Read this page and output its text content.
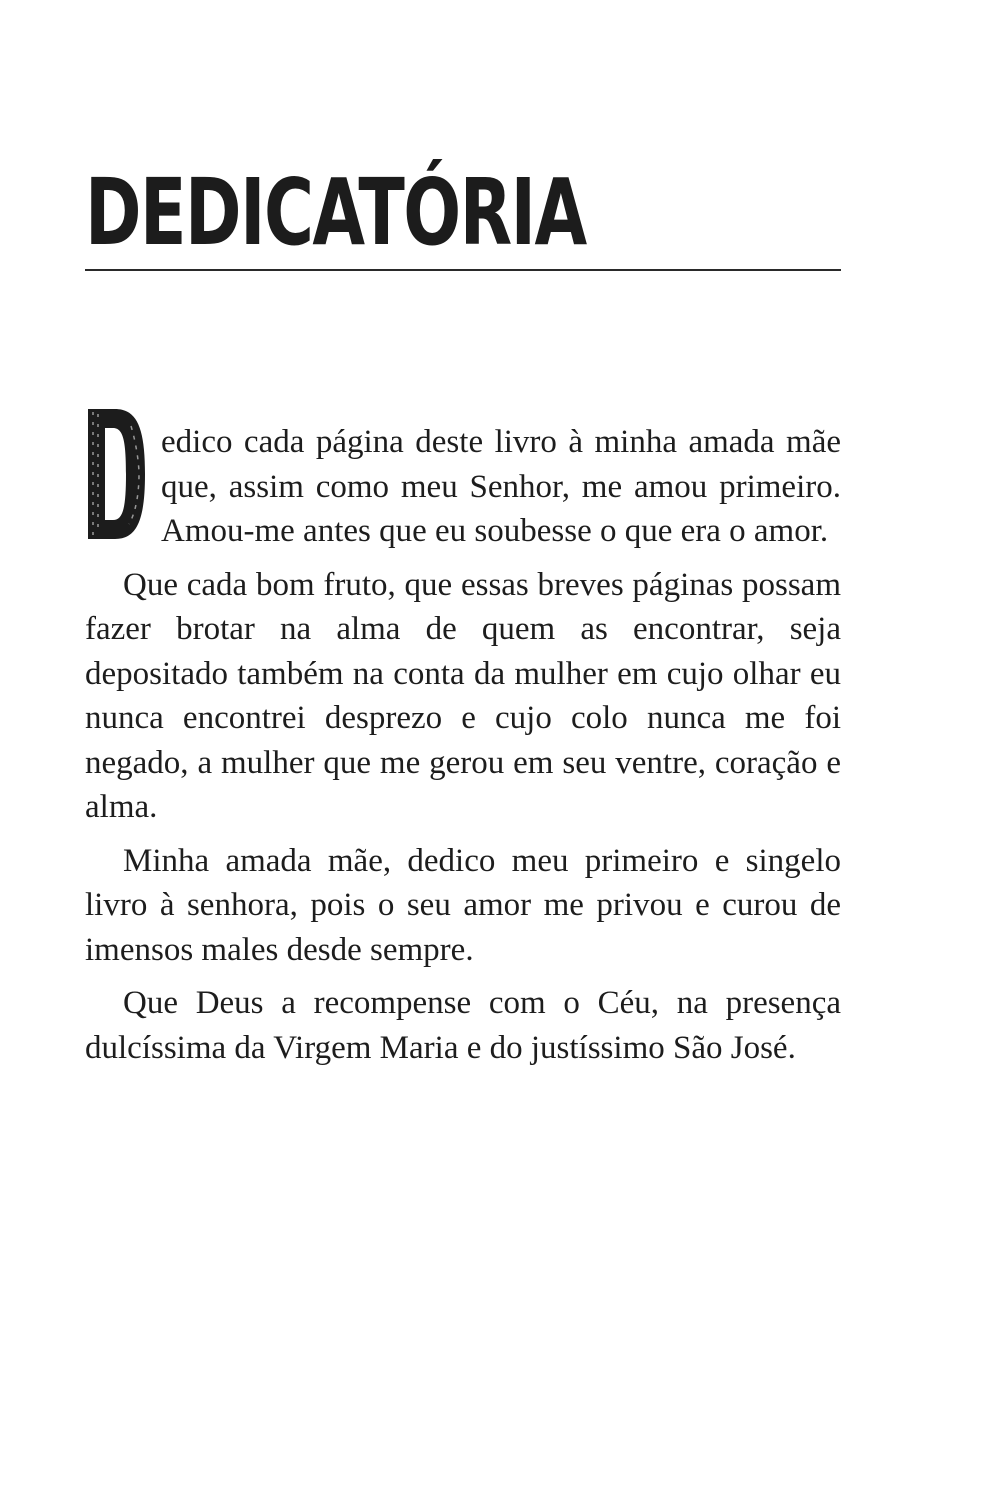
DEDICATÓRIA

edico cada página deste livro à minha amada mãe que, assim como meu Senhor, me amou primeiro. Amou-me antes que eu soubesse o que era o amor.

Que cada bom fruto, que essas breves páginas possam fazer brotar na alma de quem as encontrar, seja depositado também na conta da mulher em cujo olhar eu nunca encontrei desprezo e cujo colo nunca me foi negado, a mulher que me gerou em seu ventre, coração e alma.

Minha amada mãe, dedico meu primeiro e singelo livro à senhora, pois o seu amor me privou e curou de imensos males desde sempre.

Que Deus a recompense com o Céu, na presença dulcíssima da Virgem Maria e do justíssimo São José.
